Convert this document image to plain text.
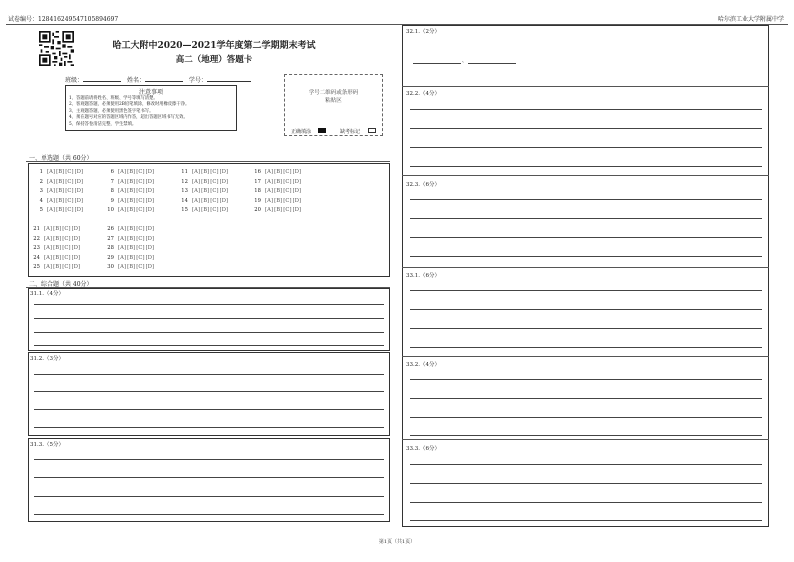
试卷编号：1284162495471058946​97	哈尔滨工业大学附属中学
哈工大附中2020—2021学年度第二学期期末考试
高二（地理）答题卡
班级：	姓名：	学号：
注意事项
1、答题前请将姓名、班级、学号等填写清楚。
2、客观题答题，必须使用2B铅笔填涂，修改时用橡皮擦干净。
3、主观题答题，必须使用黑色签字笔书写。
4、须在题号对应的答题区域内作答，超出答题区域书写无效。
5、保持答卷清洁完整，学生禁填。
学号二维码或条形码
粘贴区
正确填涂	缺考标记
一、单选题（共 60分）
1 [A][B][C][D]
2 [A][B][C][D]
3 [A][B][C][D]
4 [A][B][C][D]
5 [A][B][C][D]
6 [A][B][C][D]
7 [A][B][C][D]
8 [A][B][C][D]
9 [A][B][C][D]
10 [A][B][C][D]
11 [A][B][C][D]
12 [A][B][C][D]
13 [A][B][C][D]
14 [A][B][C][D]
15 [A][B][C][D]
16 [A][B][C][D]
17 [A][B][C][D]
18 [A][B][C][D]
19 [A][B][C][D]
20 [A][B][C][D]
21 [A][B][C][D]
22 [A][B][C][D]
23 [A][B][C][D]
24 [A][B][C][D]
25 [A][B][C][D]
26 [A][B][C][D]
27 [A][B][C][D]
28 [A][B][C][D]
29 [A][B][C][D]
30 [A][B][C][D]
二、综合题（共 40分）
31.1.（4分）
31.2.（3分）
31.3.（5分）
32.1.（2分）
、
32.2.（4分）
32.3.（6分）
33.1.（6分）
33.2.（4分）
33.3.（6分）
第1页（共1页）
